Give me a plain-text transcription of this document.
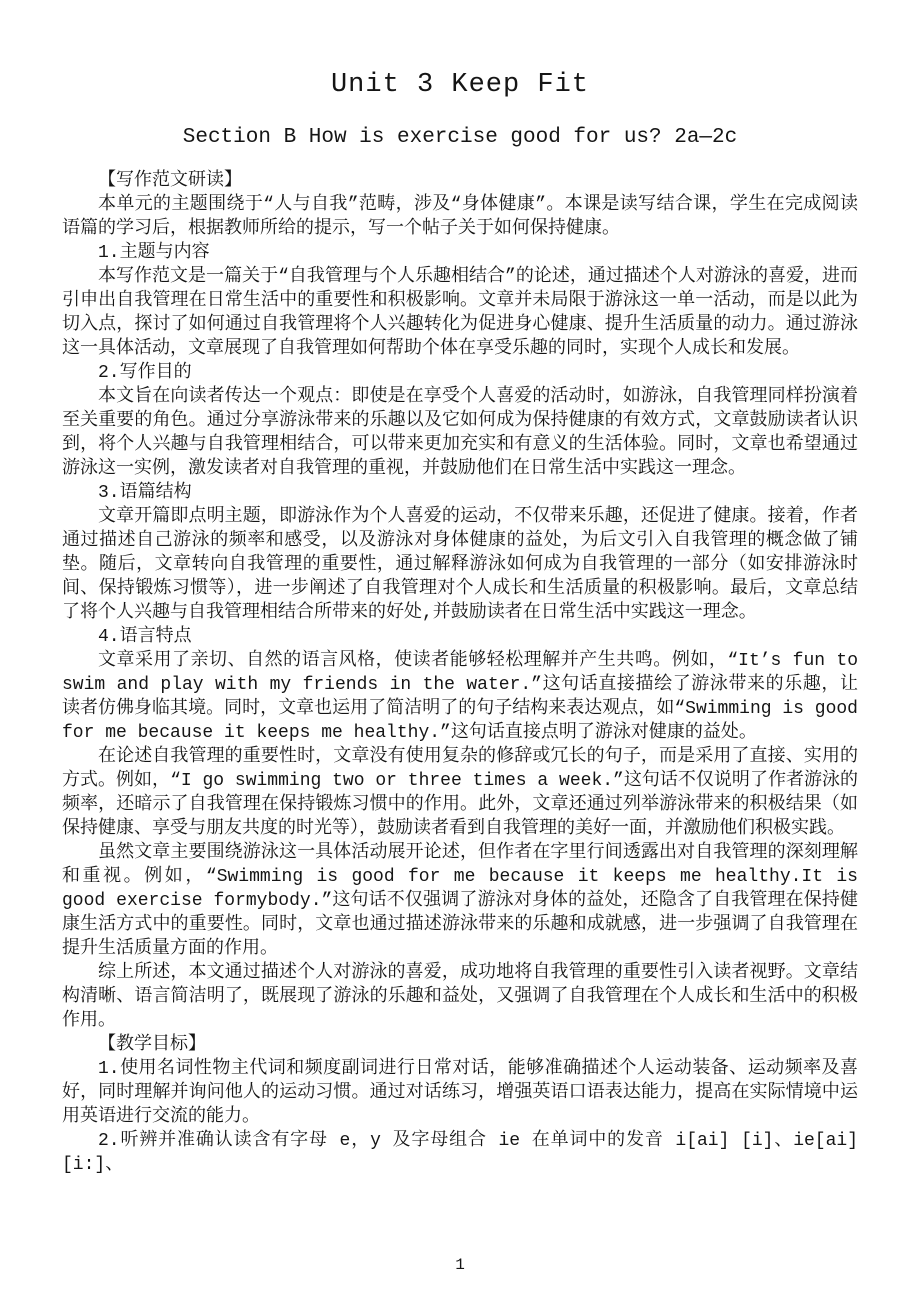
Unit 3 Keep Fit
Section B How is exercise good for us? 2a—2c

【写作范文研读】

本单元的主题围绕于“人与自我”范畴，涉及“身体健康”。本课是读写结合课，学生在完成阅读语篇的学习后，根据教师所给的提示，写一个帖子关于如何保持健康。

1.主题与内容

本写作范文是一篇关于“自我管理与个人乐趣相结合”的论述，通过描述个人对游泳的喜爱，进而引申出自我管理在日常生活中的重要性和积极影响。文章并未局限于游泳这一单一活动，而是以此为切入点，探讨了如何通过自我管理将个人兴趣转化为促进身心健康、提升生活质量的动力。通过游泳这一具体活动，文章展现了自我管理如何帮助个体在享受乐趣的同时，实现个人成长和发展。

2.写作目的

本文旨在向读者传达一个观点：即使是在享受个人喜爱的活动时，如游泳，自我管理同样扮演着至关重要的角色。通过分享游泳带来的乐趣以及它如何成为保持健康的有效方式，文章鼓励读者认识到，将个人兴趣与自我管理相结合，可以带来更加充实和有意义的生活体验。同时，文章也希望通过游泳这一实例，激发读者对自我管理的重视，并鼓励他们在日常生活中实践这一理念。

3.语篇结构

文章开篇即点明主题，即游泳作为个人喜爱的运动，不仅带来乐趣，还促进了健康。接着，作者通过描述自己游泳的频率和感受，以及游泳对身体健康的益处，为后文引入自我管理的概念做了铺垫。随后，文章转向自我管理的重要性，通过解释游泳如何成为自我管理的一部分（如安排游泳时间、保持锻炼习惯等），进一步阐述了自我管理对个人成长和生活质量的积极影响。最后，文章总结了将个人兴趣与自我管理相结合所带来的好处,并鼓励读者在日常生活中实践这一理念。

4.语言特点

文章采用了亲切、自然的语言风格，使读者能够轻松理解并产生共鸣。例如，“It’s fun to swim and play with my friends in the water.”这句话直接描绘了游泳带来的乐趣，让读者仿佛身临其境。同时，文章也运用了简洁明了的句子结构来表达观点，如“Swimming is good for me because it keeps me healthy.”这句话直接点明了游泳对健康的益处。

在论述自我管理的重要性时，文章没有使用复杂的修辞或冗长的句子，而是采用了直接、实用的方式。例如，“I go swimming two or three times a week.”这句话不仅说明了作者游泳的频率，还暗示了自我管理在保持锻炼习惯中的作用。此外，文章还通过列举游泳带来的积极结果（如保持健康、享受与朋友共度的时光等），鼓励读者看到自我管理的美好一面，并激励他们积极实践。

虽然文章主要围绕游泳这一具体活动展开论述，但作者在字里行间透露出对自我管理的深刻理解和重视。例如，“Swimming is good for me because it keeps me healthy.It is good exercise formybody.”这句话不仅强调了游泳对身体的益处，还隐含了自我管理在保持健康生活方式中的重要性。同时，文章也通过描述游泳带来的乐趣和成就感，进一步强调了自我管理在提升生活质量方面的作用。

综上所述，本文通过描述个人对游泳的喜爱，成功地将自我管理的重要性引入读者视野。文章结构清晰、语言简洁明了，既展现了游泳的乐趣和益处，又强调了自我管理在个人成长和生活中的积极作用。

【教学目标】

1.使用名词性物主代词和频度副词进行日常对话，能够准确描述个人运动装备、运动频率及喜好，同时理解并询问他人的运动习惯。通过对话练习，增强英语口语表达能力，提高在实际情境中运用英语进行交流的能力。

2.听辨并准确认读含有字母 e，y 及字母组合 ie 在单词中的发音 i[ai] [i]、ie[ai] [i:]、

1
